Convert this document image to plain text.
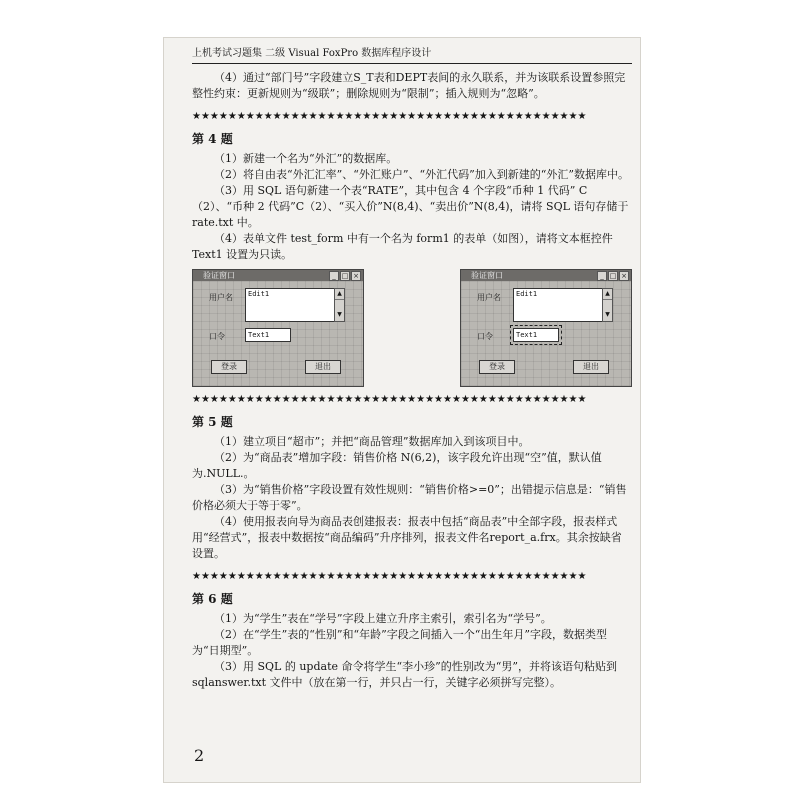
上机考试习题集 二级 Visual FoxPro 数据库程序设计

（4）通过“部门号”字段建立S_T表和DEPT表间的永久联系，并为该联系设置参照完整性约束：更新规则为“级联”；删除规则为“限制”；插入规则为“忽略”。

★★★★★★★★★★★★★★★★★★★★★★★★★★★★★★★★★★★★★★★★★★★★
第 4 题

（1）新建一个名为“外汇”的数据库。

（2）将自由表“外汇汇率”、“外汇账户”、“外汇代码”加入到新建的“外汇”数据库中。

（3）用 SQL 语句新建一个表“RATE”，其中包含 4 个字段“币种 1 代码” C（2）、“币种 2 代码”C（2）、“买入价”N(8,4)、“卖出价”N(8,4)，请将 SQL 语句存储于 rate.txt 中。

（4）表单文件 test_form 中有一个名为 form1 的表单（如图），请将文本框控件 Text1 设置为只读。

验证窗口	_ □ ×
用户名	Edit1	▲
▼
口令	Text1
登录	退出
验证窗口	_ □ ×
用户名	Edit1	▲
▼
口令	Text1
登录	退出
★★★★★★★★★★★★★★★★★★★★★★★★★★★★★★★★★★★★★★★★★★★★
第 5 题

（1）建立项目“超市”；并把“商品管理”数据库加入到该项目中。

（2）为“商品表”增加字段：销售价格 N(6,2)，该字段允许出现“空”值，默认值为.NULL.。

（3）为“销售价格”字段设置有效性规则：“销售价格>=0”；出错提示信息是：“销售价格必须大于等于零”。

（4）使用报表向导为商品表创建报表：报表中包括“商品表”中全部字段，报表样式用“经营式”，报表中数据按“商品编码”升序排列，报表文件名report_a.frx。其余按缺省设置。

★★★★★★★★★★★★★★★★★★★★★★★★★★★★★★★★★★★★★★★★★★★★
第 6 题

（1）为“学生”表在“学号”字段上建立升序主索引，索引名为“学号”。

（2）在“学生”表的“性别”和“年龄”字段之间插入一个“出生年月”字段，数据类型为“日期型”。

（3）用 SQL 的 update 命令将学生“李小珍”的性别改为“男”，并将该语句粘贴到 sqlanswer.txt 文件中（放在第一行，并只占一行，关键字必须拼写完整）。

2
